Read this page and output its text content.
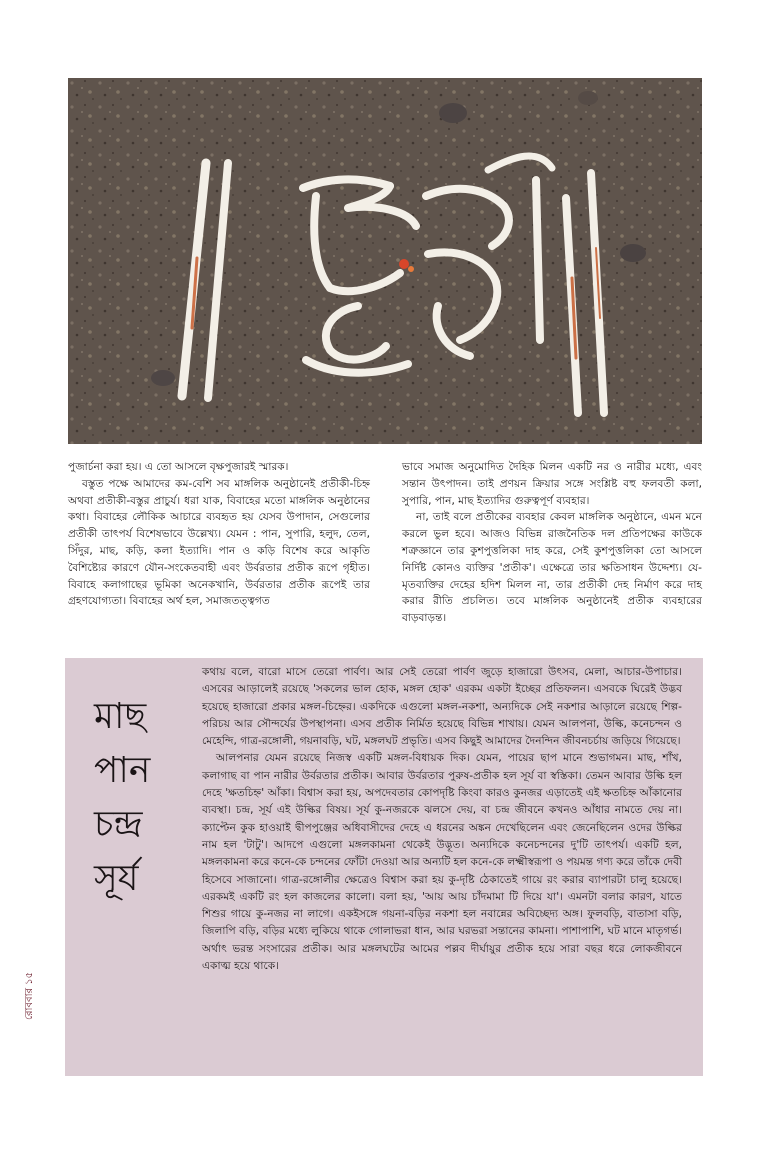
পুজার্চনা করা হয়। এ তো আসলে বৃক্ষপুজারই স্মারক।

বস্তুত পক্ষে আমাদের কম-বেশি সব মাঙ্গলিক অনুষ্ঠানেই প্রতীকী-চিহ্ন অথবা প্রতীকী-বস্তুর প্রাচুর্য। ধরা যাক, বিবাহের মতো মাঙ্গলিক অনুষ্ঠানের কথা। বিবাহের লৌকিক আচারে ব্যবহৃত হয় যেসব উপাদান, সেগুলোর প্রতীকী তাৎপর্য বিশেষভাবে উল্লেখ্য। যেমন : পান, সুপারি, হলুদ, তেল, সিঁদুর, মাছ, কড়ি, কলা ইত্যাদি। পান ও কড়ি বিশেষ করে আকৃতি বৈশিষ্ট্যের কারণে যৌন-সংকেতবাহী এবং উর্বরতার প্রতীক রূপে গৃহীত। বিবাহে কলাগাছের ভূমিকা অনেকখানি, উর্বরতার প্রতীক রূপেই তার গ্রহণযোগ্যতা। বিবাহের অর্থ হল, সমাজতত্ত্বগত

ভাবে সমাজ অনুমোদিত দৈহিক মিলন একটি নর ও নারীর মধ্যে, এবং সন্তান উৎপাদন। তাই প্রণয়ন ক্রিয়ার সঙ্গে সংশ্লিষ্ট বহু ফলবতী কলা, সুপারি, পান, মাছ ইত্যাদির গুরুত্বপূর্ণ ব্যবহার।

না, তাই বলে প্রতীকের ব্যবহার কেবল মাঙ্গলিক অনুষ্ঠানে, এমন মনে করলে ভুল হবে। আজও বিভিন্ন রাজনৈতিক দল প্রতিপক্ষের কাউকে শত্রুজ্ঞানে তার কুশপুত্তলিকা দাহ করে, সেই কুশপুত্তলিকা তো আসলে নির্দিষ্ট কোনও ব্যক্তির 'প্রতীক'। এক্ষেত্রে তার ক্ষতিসাধন উদ্দেশ্য। যে-মৃতব্যক্তির দেহের হদিশ মিলল না, তার প্রতীকী দেহ নির্মাণ করে দাহ করার রীতি প্রচলিত। তবে মাঙ্গলিক অনুষ্ঠানেই প্রতীক ব্যবহারের বাড়বাড়ন্ত।

মাছ
পান
চন্দ্র
সূর্য

কথায় বলে, বারো মাসে তেরো পার্বণ। আর সেই তেরো পার্বণ জুড়ে হাজারো উৎসব, মেলা, আচার-উপাচার। এসবের আড়ালেই রয়েছে 'সকলের ভাল হোক, মঙ্গল হোক' এরকম একটা ইচ্ছের প্রতিফলন। এসবকে ঘিরেই উদ্ভব হয়েছে হাজারো প্রকার মঙ্গল-চিহ্নের। একদিকে এগুলো মঙ্গল-নকশা, অন্যদিকে সেই নকশার আড়ালে রয়েছে শিল্প-পরিচয় আর সৌন্দর্যের উপস্থাপনা। এসব প্রতীক নির্মিত হয়েছে বিভিন্ন শাখায়। যেমন আলপনা, উল্কি, কনেচন্দন ও মেহেন্দি, গাত্র-রঙ্গোলী, গয়নাবড়ি, ঘট, মঙ্গলঘট প্রভৃতি। এসব কিছুই আমাদের দৈনন্দিন জীবনচর্চায় জড়িয়ে গিয়েছে।

আলপনার যেমন রয়েছে নিজস্ব একটি মঙ্গল-বিধায়ক দিক। যেমন, পায়ের ছাপ মানে শুভাগমন। মাছ, শাঁখ, কলাগাছ বা পান নারীর উর্বরতার প্রতীক। আবার উর্বরতার পুরুষ-প্রতীক হল সূর্য বা স্বস্তিকা। তেমন আবার উল্কি হল দেহে 'ক্ষতচিহ্ন' আঁকা। বিশ্বাস করা হয়, অপদেবতার কোপদৃষ্টি কিংবা কারও কুনজর এড়াতেই এই ক্ষতচিহ্ন আঁকানোর ব্যবস্থা। চন্দ্র, সূর্য এই উল্কির বিষয়। সূর্য কু-নজরকে ঝলসে দেয়, বা চন্দ্র জীবনে কখনও আঁধার নামতে দেয় না। ক্যাপ্টেন কুক হাওয়াই দ্বীপপুঞ্জের অধিবাসীদের দেহে এ ধরনের অঙ্কন দেখেছিলেন এবং জেনেছিলেন ওদের উল্কির নাম হল 'টাটু'। আদপে এগুলো মঙ্গলকামনা থেকেই উদ্ভূত। অন্যদিকে কনেচন্দনের দু'টি তাৎপর্য। একটি হল, মঙ্গলকামনা করে কনে-কে চন্দনের ফোঁটা দেওয়া আর অন্যটি হল কনে-কে লক্ষ্মীস্বরূপা ও পয়মন্ত গণ্য করে তাঁকে দেবী হিসেবে সাজানো। গাত্র-রঙ্গোলীর ক্ষেত্রেও বিশ্বাস করা হয় কু-দৃষ্টি ঠেকাতেই গায়ে রং করার ব্যাপারটা চালু হয়েছে। এরকমই একটি রং হল কাজলের কালো। বলা হয়, 'আয় আয় চাঁদমামা টি দিয়ে যা'। এমনটা বলার কারণ, যাতে শিশুর গায়ে কু-নজর না লাগে। একইসঙ্গে গয়না-বড়ির নকশা হল নবান্নের অবিচ্ছেদ্য অঙ্গ। ফুলবড়ি, বাতাসা বড়ি, জিলাপি বড়ি, বড়ির মধ্যে লুকিয়ে থাকে গোলাভরা ধান, আর ঘরভরা সন্তানের কামনা। পাশাপাশি, ঘট মানে মাতৃগর্ভ। অর্থাৎ ভরন্ত সংসারের প্রতীক। আর মঙ্গলঘটের আমের পল্লব দীর্ঘায়ুর প্রতীক হয়ে সারা বছর ধরে লোকজীবনে একাত্ম হয়ে থাকে।

রোববার ১৫
